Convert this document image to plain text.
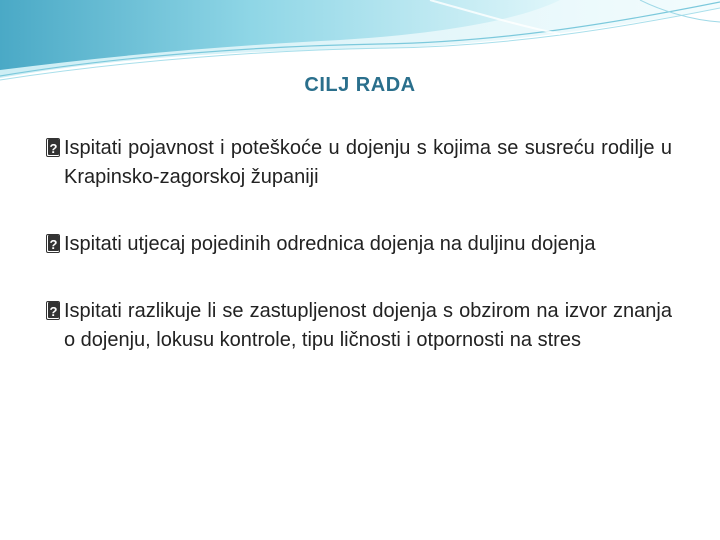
CILJ RADA
?
Ispitati pojavnost i poteškoće u dojenju s kojima se susreću rodilje u Krapinsko-zagorskoj županiji
?
Ispitati utjecaj pojedinih odrednica dojenja na duljinu dojenja
?
Ispitati razlikuje li se zastupljenost dojenja s obzirom na izvor znanja o dojenju, lokusu kontrole, tipu ličnosti i otpornosti na stres
